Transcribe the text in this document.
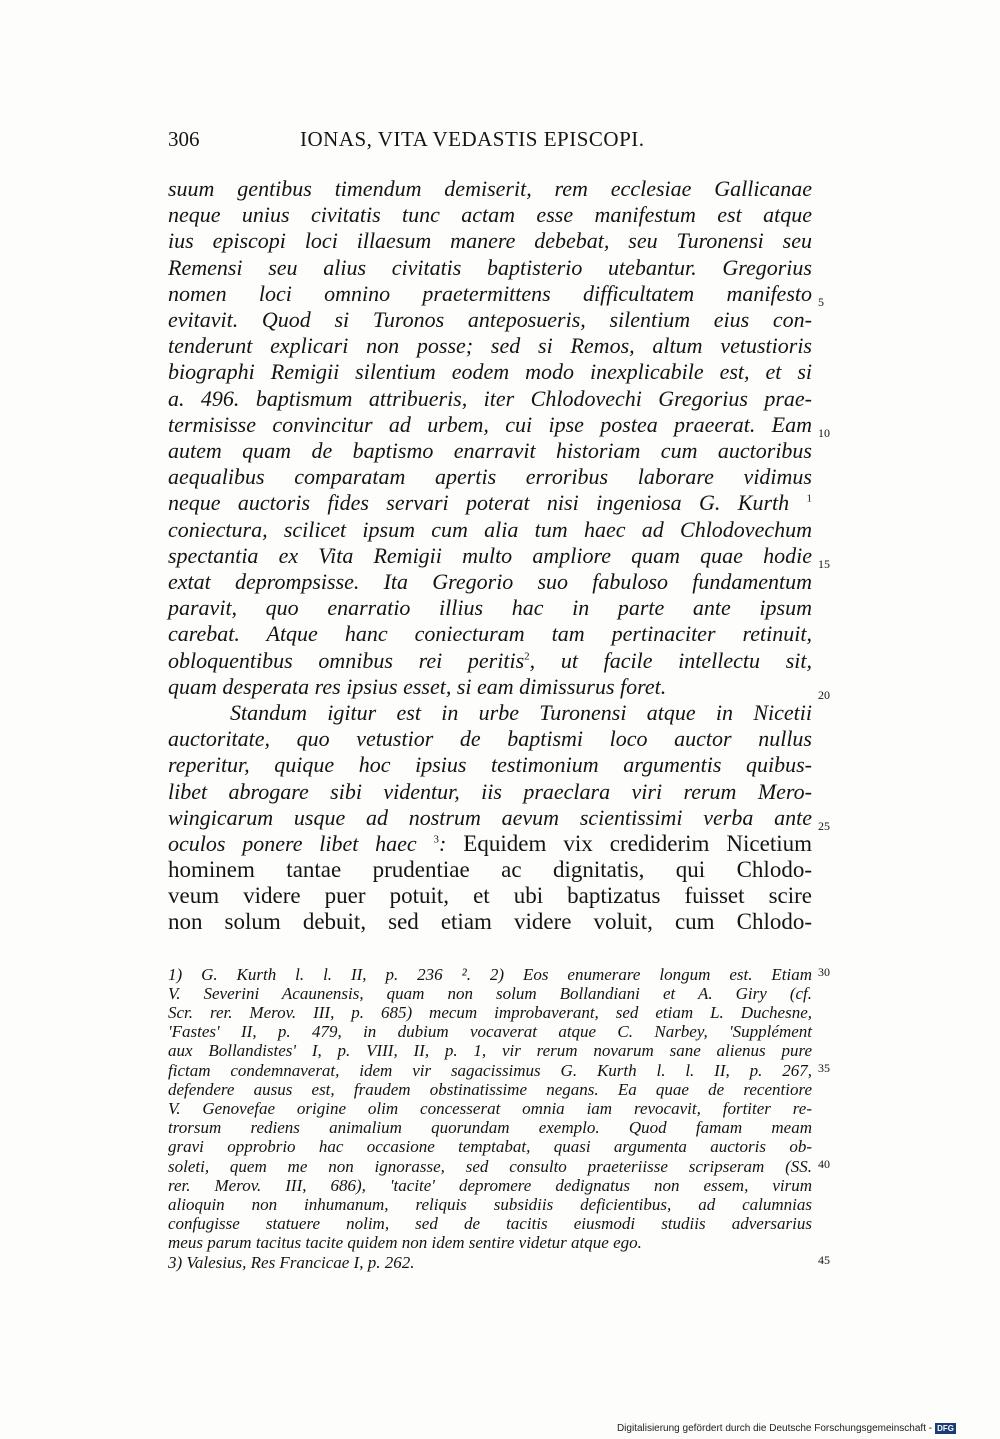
306	IONAS, VITA VEDASTIS EPISCOPI.
suum gentibus timendum demiserit, rem ecclesiae Gallicanae
neque unius civitatis tunc actam esse manifestum est atque
ius episcopi loci illaesum manere debebat, seu Turonensi seu
Remensi seu alius civitatis baptisterio utebantur. Gregorius
nomen loci omnino praetermittens difficultatem manifesto
evitavit. Quod si Turonos anteposueris, silentium eius con-
tenderunt explicari non posse; sed si Remos, altum vetustioris
biographi Remigii silentium eodem modo inexplicabile est, et si
a. 496. baptismum attribueris, iter Chlodovechi Gregorius prae-
termisisse convincitur ad urbem, cui ipse postea praeerat. Eam
autem quam de baptismo enarravit historiam cum auctoribus
aequalibus comparatam apertis erroribus laborare vidimus
neque auctoris fides servari poterat nisi ingeniosa G. Kurth $^1$
coniectura, scilicet ipsum cum alia tum haec ad Chlodovechum
spectantia ex Vita Remigii multo ampliore quam quae hodie
extat deprompsisse. Ita Gregorio suo fabuloso fundamentum
paravit, quo enarratio illius hac in parte ante ipsum
carebat. Atque hanc coniecturam tam pertinaciter retinuit,
obloquentibus omnibus rei peritis$^2$, ut facile intellectu sit,
quam desperata res ipsius esset, si eam dimissurus foret.
Standum igitur est in urbe Turonensi atque in Nicetii
auctoritate, quo vetustior de baptismi loco auctor nullus
reperitur, quique hoc ipsius testimonium argumentis quibus-
libet abrogare sibi videntur, iis praeclara viri rerum Mero-
wingicarum usque ad nostrum aevum scientissimi verba ante
oculos ponere libet haec $^3$: Equidem vix crediderim Nicetium
hominem tantae prudentiae ac dignitatis, qui Chlodo-
veum videre puer potuit, et ubi baptizatus fuisset scire
non solum debuit, sed etiam videre voluit, cum Chlodo-
5
10
15
20
25
1) G. Kurth l. l. II, p. 236 ². 2) Eos enumerare longum est. Etiam
V. Severini Acaunensis, quam non solum Bollandiani et A. Giry (cf.
Scr. rer. Merov. III, p. 685) mecum improbaverant, sed etiam L. Duchesne,
'Fastes' II, p. 479, in dubium vocaverat atque C. Narbey, 'Supplément
aux Bollandistes' I, p. VIII, II, p. 1, vir rerum novarum sane alienus pure
fictam condemnaverat, idem vir sagacissimus G. Kurth l. l. II, p. 267,
defendere ausus est, fraudem obstinatissime negans. Ea quae de recentiore
V. Genovefae origine olim concesserat omnia iam revocavit, fortiter re-
trorsum rediens animalium quorundam exemplo. Quod famam meam
gravi opprobrio hac occasione temptabat, quasi argumenta auctoris ob-
soleti, quem me non ignorasse, sed consulto praeteriisse scripseram (SS.
rer. Merov. III, 686), 'tacite' depromere dedignatus non essem, virum
alioquin non inhumanum, reliquis subsidiis deficientibus, ad calumnias
confugisse statuere nolim, sed de tacitis eiusmodi studiis adversarius
meus parum tacitus tacite quidem non idem sentire videtur atque ego.
3) Valesius, Res Francicae I, p. 262.
30
35
40
45
Digitalisierung gefördert durch die Deutsche Forschungsgemeinschaft - DFG
